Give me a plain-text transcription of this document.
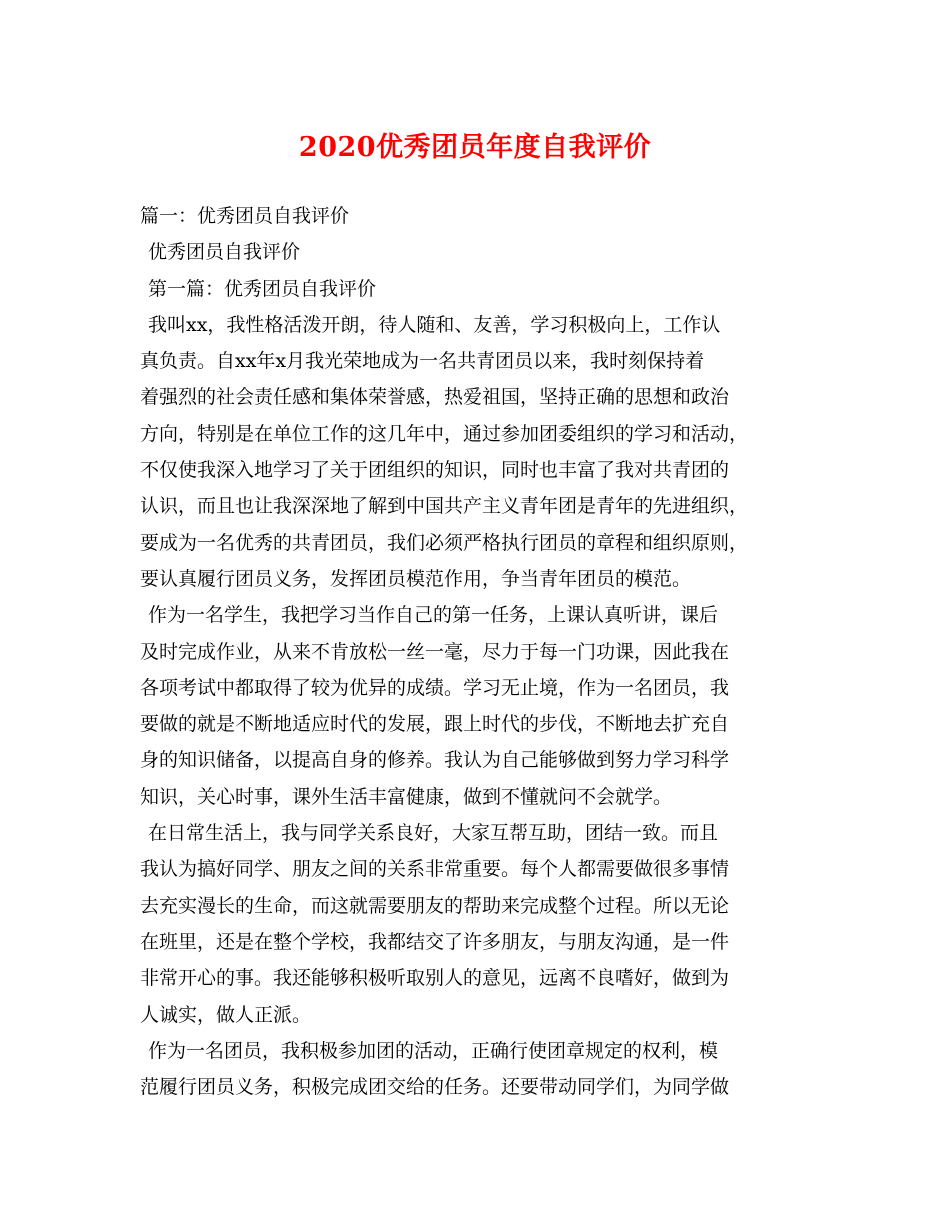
2020优秀团员年度自我评价
篇一：优秀团员自我评价
优秀团员自我评价
第一篇：优秀团员自我评价
我叫xx，我性格活泼开朗，待人随和、友善，学习积极向上，工作认
真负责。自xx年x月我光荣地成为一名共青团员以来，我时刻保持着
着强烈的社会责任感和集体荣誉感，热爱祖国，坚持正确的思想和政治
方向，特别是在单位工作的这几年中，通过参加团委组织的学习和活动，
不仅使我深入地学习了关于团组织的知识，同时也丰富了我对共青团的
认识，而且也让我深深地了解到中国共产主义青年团是青年的先进组织，
要成为一名优秀的共青团员，我们必须严格执行团员的章程和组织原则，
要认真履行团员义务，发挥团员模范作用，争当青年团员的模范。
作为一名学生，我把学习当作自己的第一任务，上课认真听讲，课后
及时完成作业，从来不肯放松一丝一毫，尽力于每一门功课，因此我在
各项考试中都取得了较为优异的成绩。学习无止境，作为一名团员，我
要做的就是不断地适应时代的发展，跟上时代的步伐，不断地去扩充自
身的知识储备，以提高自身的修养。我认为自己能够做到努力学习科学
知识，关心时事，课外生活丰富健康，做到不懂就问不会就学。
在日常生活上，我与同学关系良好，大家互帮互助，团结一致。而且
我认为搞好同学、朋友之间的关系非常重要。每个人都需要做很多事情
去充实漫长的生命，而这就需要朋友的帮助来完成整个过程。所以无论
在班里，还是在整个学校，我都结交了许多朋友，与朋友沟通，是一件
非常开心的事。我还能够积极听取别人的意见，远离不良嗜好，做到为
人诚实，做人正派。
作为一名团员，我积极参加团的活动，正确行使团章规定的权利，模
范履行团员义务，积极完成团交给的任务。还要带动同学们，为同学做
